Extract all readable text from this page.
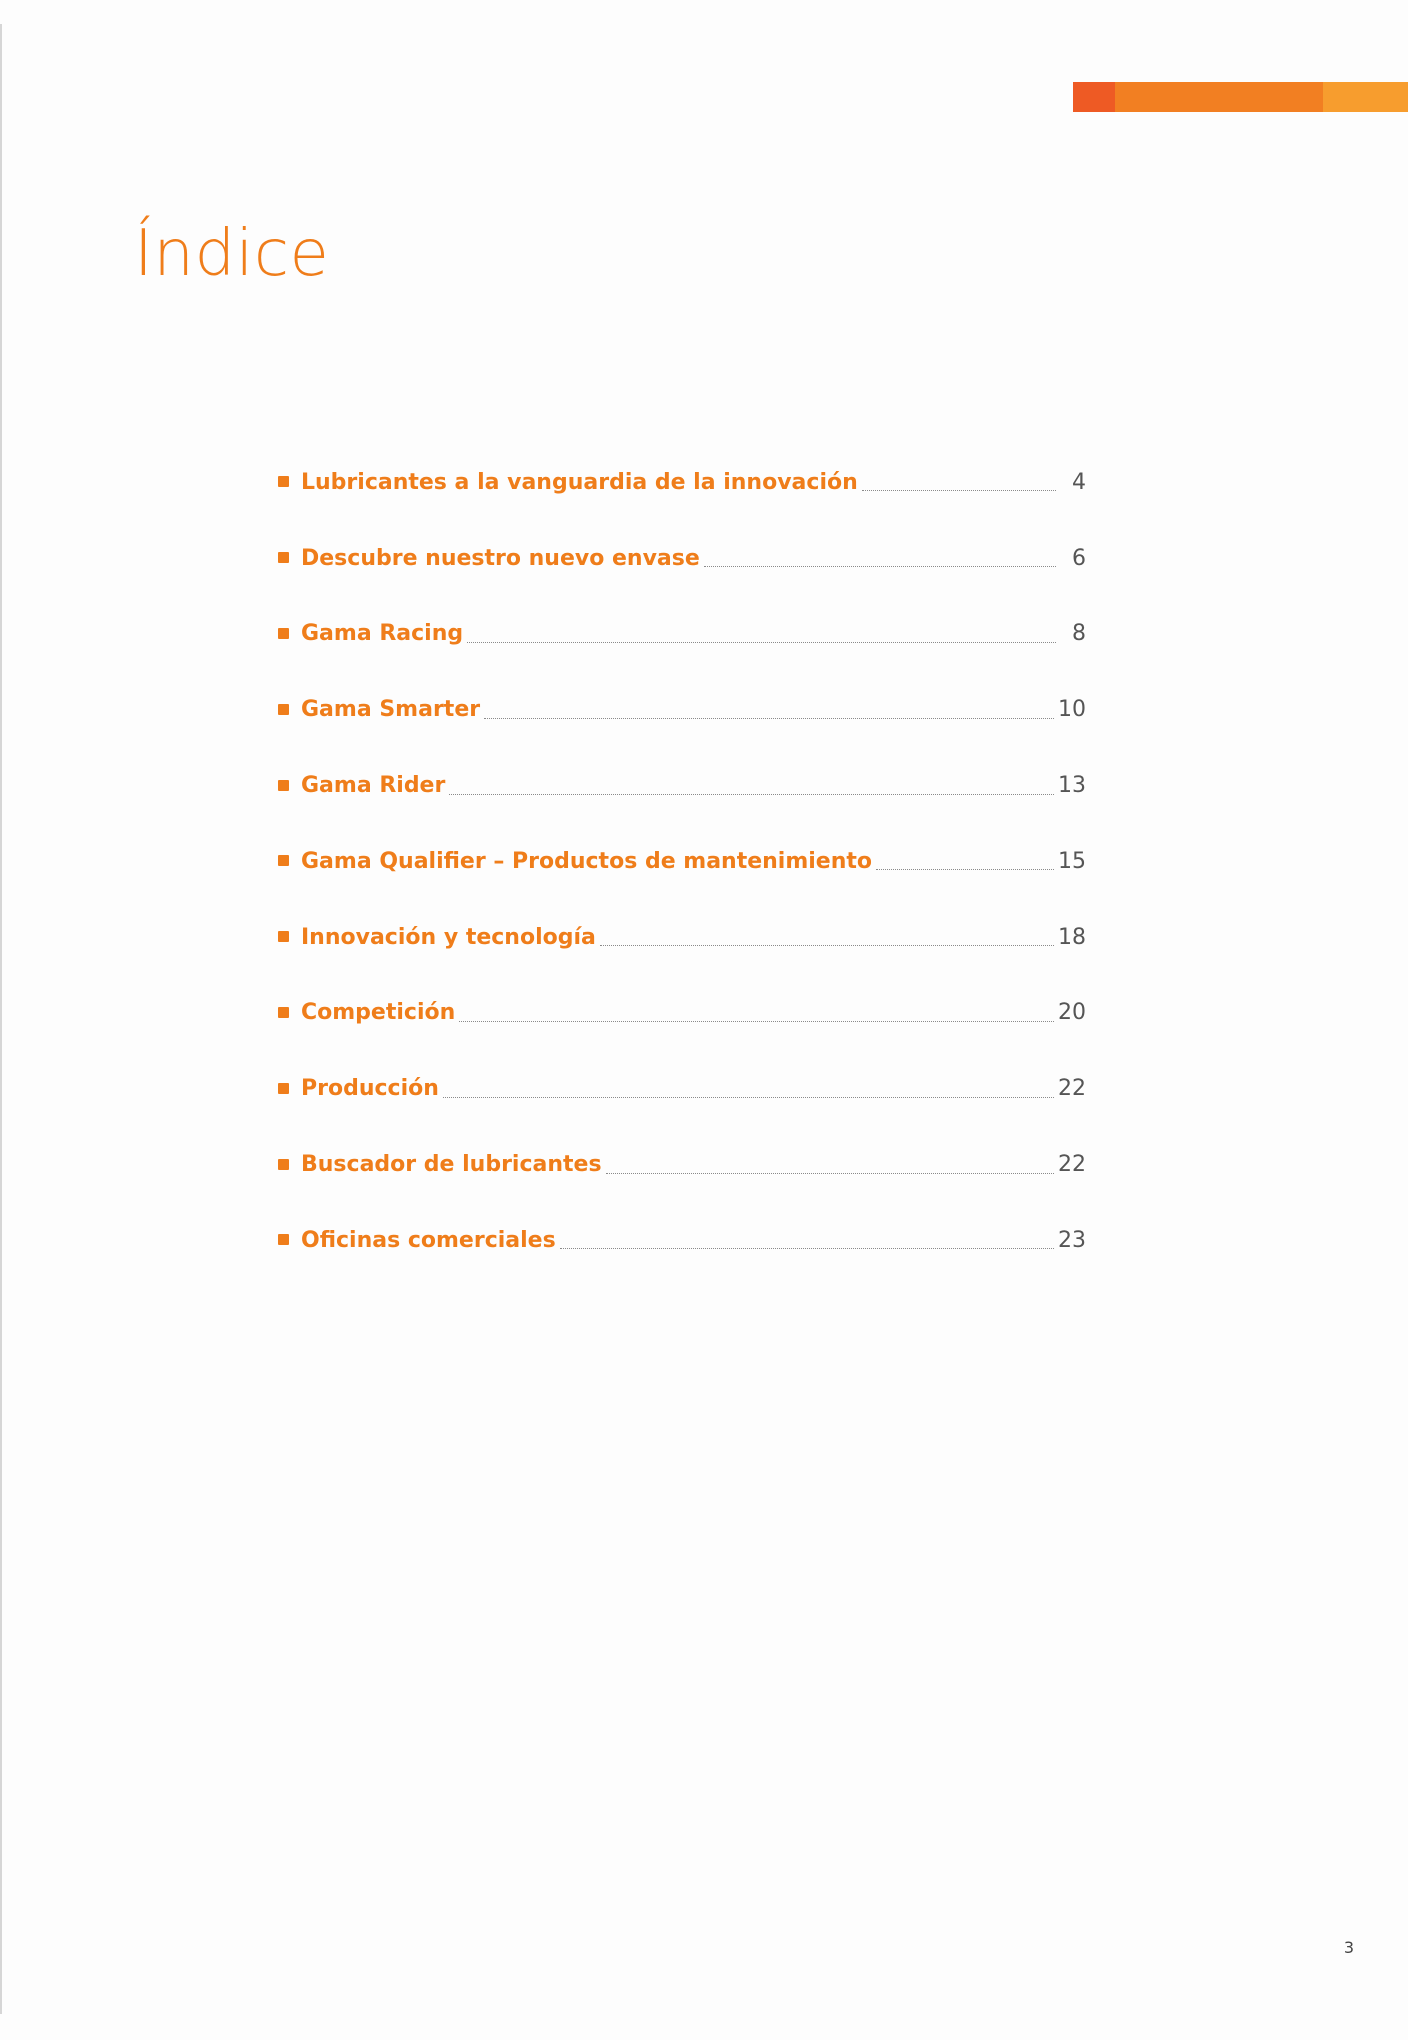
Índice
Lubricantes a la vanguardia de la innovación	4
Descubre nuestro nuevo envase	6
Gama Racing	8
Gama Smarter	10
Gama Rider	13
Gama Qualifier – Productos de mantenimiento	15
Innovación y tecnología	18
Competición	20
Producción	22
Buscador de lubricantes	22
Oficinas comerciales	23
3
